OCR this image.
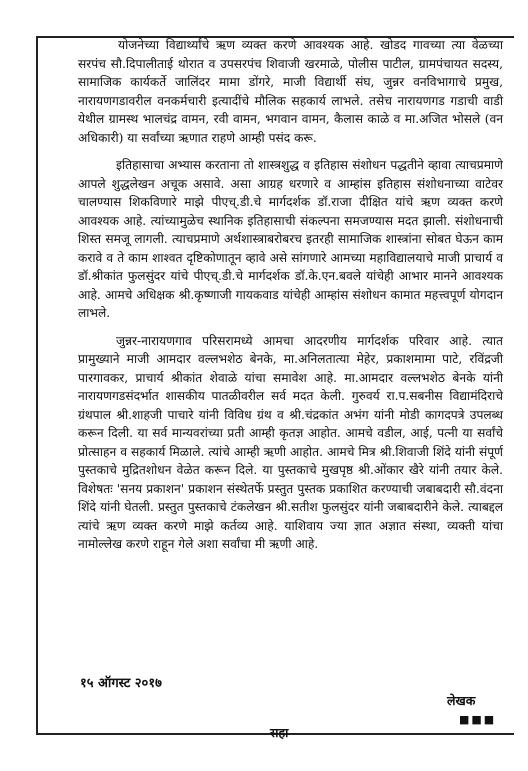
योजनेच्या विद्यार्थ्यांचे ऋण व्यक्त करणे आवश्यक आहे. खोडद गावच्या त्या वेळच्या सरपंच सौ.दिपालीताई थोरात व उपसरपंच शिवाजी खरमाळे, पोलीस पाटील, ग्रामपंचायत सदस्य, सामाजिक कार्यकर्ते जालिंदर मामा डोंगरे, माजी विद्यार्थी संघ, जुन्नर वनविभागाचे प्रमुख, नारायणगडावरील वनकर्मचारी इत्यादींचे मौलिक सहकार्य लाभले. तसेच नारायणगड गडाची वाडी येथील ग्रामस्थ भालचंद्र वामन, रवी वामन, भगवान वामन, कैलास काळे व मा.अजित भोसले (वन अधिकारी) या सर्वांच्या ऋणात राहणे आम्ही पसंद करू.

इतिहासाचा अभ्यास करताना तो शास्त्रशुद्ध व इतिहास संशोधन पद्धतीने व्हावा त्याचप्रमाणे आपले शुद्धलेखन अचूक असावे. असा आग्रह धरणारे व आम्हांस इतिहास संशोधनाच्या वाटेवर चालण्यास शिकविणारे माझे पीएच्.डी.चे मार्गदर्शक डॉ.राजा दीक्षित यांचे ऋण व्यक्त करणे आवश्यक आहे. त्यांच्यामुळेच स्थानिक इतिहासाची संकल्पना समजण्यास मदत झाली. संशोधनाची शिस्त समजू लागली. त्याचप्रमाणे अर्थशास्त्राबरोबरच इतरही सामाजिक शास्त्रांना सोबत घेऊन काम करावे व ते काम शाश्वत दृष्टिकोणातून व्हावे असे सांगणारे आमच्या महाविद्यालयाचे माजी प्राचार्य व डॉ.श्रीकांत फुलसुंदर यांचे पीएच्.डी.चे मार्गदर्शक डॉ.के.एन.बवले यांचेही आभार मानने आवश्यक आहे. आमचे अधिक्षक श्री.कृष्णाजी गायकवाड यांचेही आम्हांस संशोधन कामात महत्त्वपूर्ण योगदान लाभले.

जुन्नर-नारायणगाव परिसरामध्ये आमचा आदरणीय मार्गदर्शक परिवार आहे. त्यात प्रामुख्याने माजी आमदार वल्लभशेठ बेनके, मा.अनिलतात्या मेहेर, प्रकाशमामा पाटे, रविंद्रजी पारगावकर, प्राचार्य श्रीकांत शेवाळे यांचा समावेश आहे. मा.आमदार वल्लभशेठ बेनके यांनी नारायणगडसंदर्भात शासकीय पातळीवरील सर्व मदत केली. गुरुवर्य रा.प.सबनीस विद्यामंदिराचे ग्रंथपाल श्री.शाहजी पाचारे यांनी विविध ग्रंथ व श्री.चंद्रकांत अभंग यांनी मोडी कागदपत्रे उपलब्ध करून दिली. या सर्व मान्यवरांच्या प्रती आम्ही कृतज्ञ आहोत. आमचे वडील, आई, पत्नी या सर्वांचे प्रोत्साहन व सहकार्य मिळाले. त्यांचे आम्ही ऋणी आहोत. आमचे मित्र श्री.शिवाजी शिंदे यांनी संपूर्ण पुस्तकाचे मुद्रितशोधन वेळेत करून दिले. या पुस्तकाचे मुखपृष्ठ श्री.ओंकार खैरे यांनी तयार केले. विशेषतः 'सनय प्रकाशन' प्रकाशन संस्थेतर्फे प्रस्तुत पुस्तक प्रकाशित करण्याची जबाबदारी सौ.वंदना शिंदे यांनी घेतली. प्रस्तुत पुस्तकाचे टंकलेखन श्री.सतीश फुलसुंदर यांनी जबाबदारीने केले. त्याबद्दल त्यांचे ऋण व्यक्त करणे माझे कर्तव्य आहे. याशिवाय ज्या ज्ञात अज्ञात संस्था, व्यक्ती यांचा नामोल्लेख करणे राहून गेले अशा सर्वांचा मी ऋणी आहे.

१५ ऑगस्ट २०१७
लेखक
■■■
सहा
